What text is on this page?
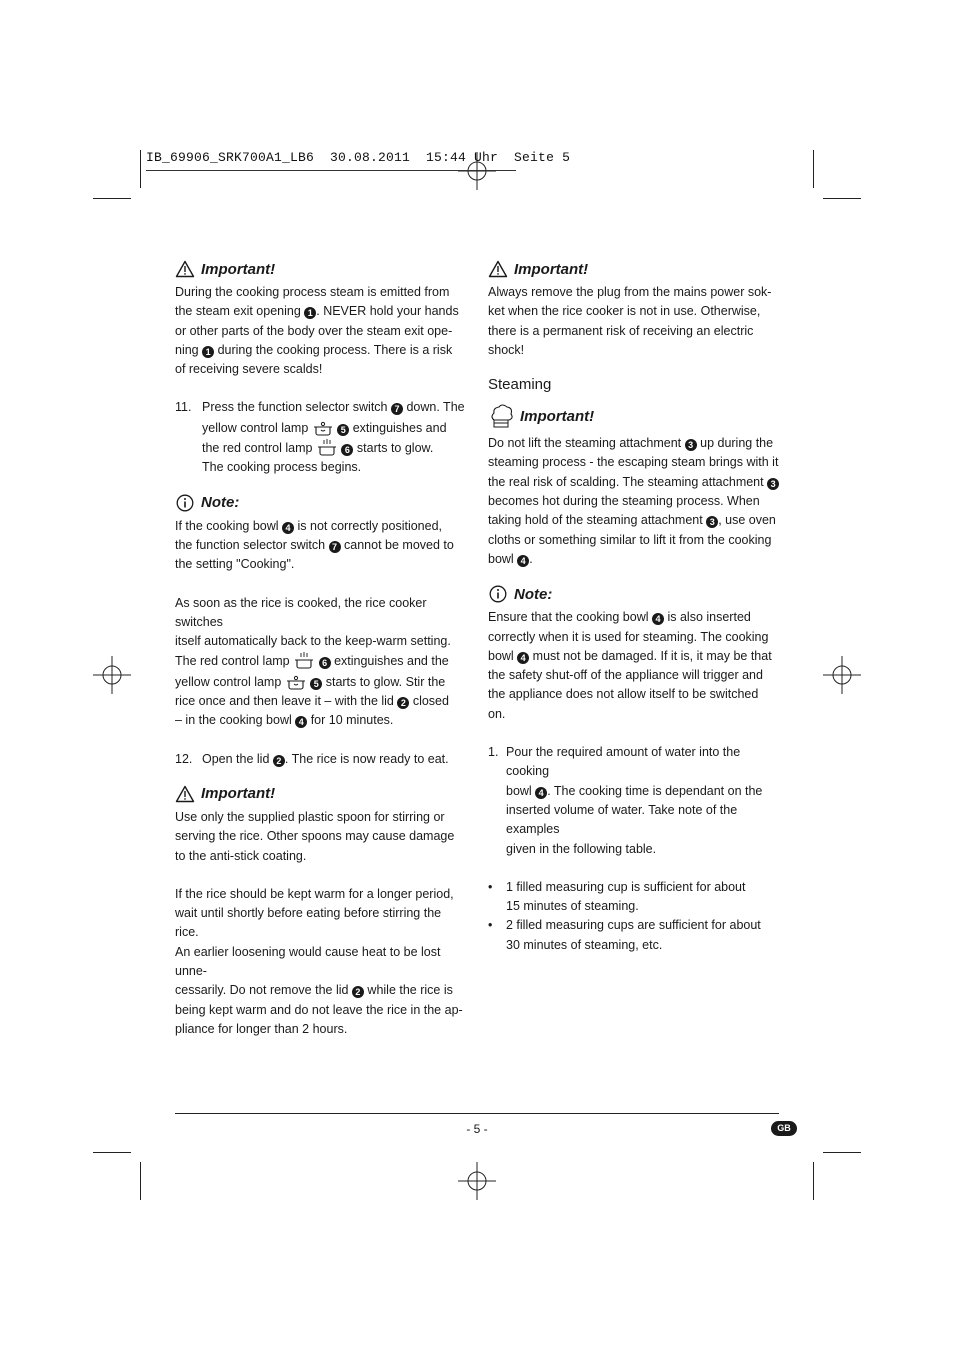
IB_69906_SRK700A1_LB6  30.08.2011  15:44 Uhr  Seite 5
Important!

During the cooking process steam is emitted from

the steam exit opening 1 . NEVER hold your hands

or other parts of the body over the steam exit ope-

ning 1 during the cooking process. There is a risk

of receiving severe scalds!

11. Press the function selector switch 7 down. The

yellow control lamp	5 extinguishes and

the red control lamp	6 starts to glow.

The cooking process begins.

Note:

If the cooking bowl 4 is not correctly positioned,

the function selector switch 7 cannot be moved to

the setting "Cooking".

As soon as the rice is cooked, the rice cooker switches

itself automatically back to the keep-warm setting.

The red control lamp	6 extinguishes and the

yellow control lamp	5 starts to glow. Stir the

rice once and then leave it – with the lid 2 closed

– in the cooking bowl 4 for 10 minutes.

12. Open the lid 2 . The rice is now ready to eat.

Important!

Use only the supplied plastic spoon for stirring or

serving the rice. Other spoons may cause damage

to the anti-stick coating.

If the rice should be kept warm for a longer period,

wait until shortly before eating before stirring the rice.

An earlier loosening would cause heat to be lost unne-

cessarily. Do not remove the lid 2 while the rice is

being kept warm and do not leave the rice in the ap-

pliance for longer than 2 hours.

Important!

Always remove the plug from the mains power sok-

ket when the rice cooker is not in use. Otherwise,

there is a permanent risk of receiving an electric

shock!

Steaming
Important!

Do not lift the steaming attachment 3 up during the

steaming process - the escaping steam brings with it

the real risk of scalding. The steaming attachment 3

becomes hot during the steaming process. When

taking hold of the steaming attachment 3 , use oven

cloths or something similar to lift it from the cooking

bowl 4 .

Note:

Ensure that the cooking bowl 4 is also inserted

correctly when it is used for steaming. The cooking

bowl 4 must not be damaged. If it is, it may be that

the safety shut-off of the appliance will trigger and

the appliance does not allow itself to be switched

on.

1. Pour the required amount of water into the cooking

bowl 4 . The cooking time is dependant on the

inserted volume of water. Take note of the examples

given in the following table.

•	1 filled measuring cup is sufficient for about

15 minutes of steaming.

•	2 filled measuring cups are sufficient for about

30 minutes of steaming, etc.

- 5 -	GB
